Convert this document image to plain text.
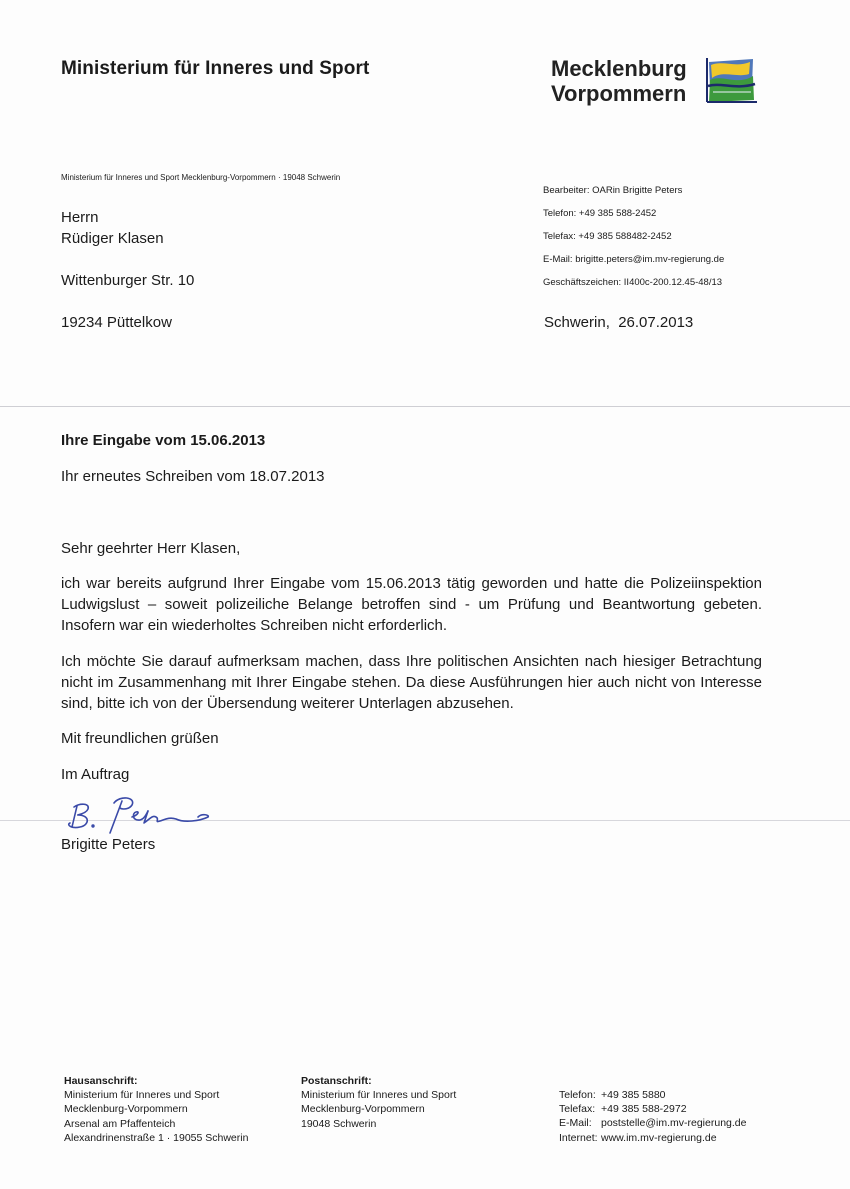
Ministerium für Inneres und Sport	Mecklenburg
Vorpommern
Ministerium für Inneres und Sport Mecklenburg-Vorpommern · 19048 Schwerin
Herrn
Rüdiger Klasen
Wittenburger Str. 10
19234 Püttelkow
Bearbeiter: OARin Brigitte Peters
Telefon: +49 385 588-2452
Telefax: +49 385 588482-2452
E-Mail: brigitte.peters@im.mv-regierung.de
Geschäftszeichen: II400c-200.12.45-48/13
Schwerin,  26.07.2013
Ihre Eingabe vom 15.06.2013
Ihr erneutes Schreiben vom 18.07.2013
Sehr geehrter Herr Klasen,
ich war bereits aufgrund Ihrer Eingabe vom 15.06.2013 tätig geworden und hatte die Polizeiinspektion Ludwigslust – soweit polizeiliche Belange betroffen sind - um Prüfung und Beantwortung gebeten. Insofern war ein wiederholtes Schreiben nicht erforderlich.
Ich möchte Sie darauf aufmerksam machen, dass Ihre politischen Ansichten nach hiesiger Betrachtung nicht im Zusammenhang mit Ihrer Eingabe stehen. Da diese Ausführungen hier auch nicht von Interesse sind, bitte ich von der Übersendung weiterer Unterlagen abzusehen.
Mit freundlichen grüßen
Im Auftrag
Brigitte Peters
Hausanschrift:
Ministerium für Inneres und Sport
Mecklenburg-Vorpommern
Arsenal am Pfaffenteich
Alexandrinenstraße 1 · 19055 Schwerin
Postanschrift:
Ministerium für Inneres und Sport
Mecklenburg-Vorpommern
19048 Schwerin
Telefon: +49 385 5880
Telefax: +49 385 588-2972
E-Mail: poststelle@im.mv-regierung.de
Internet: www.im.mv-regierung.de
